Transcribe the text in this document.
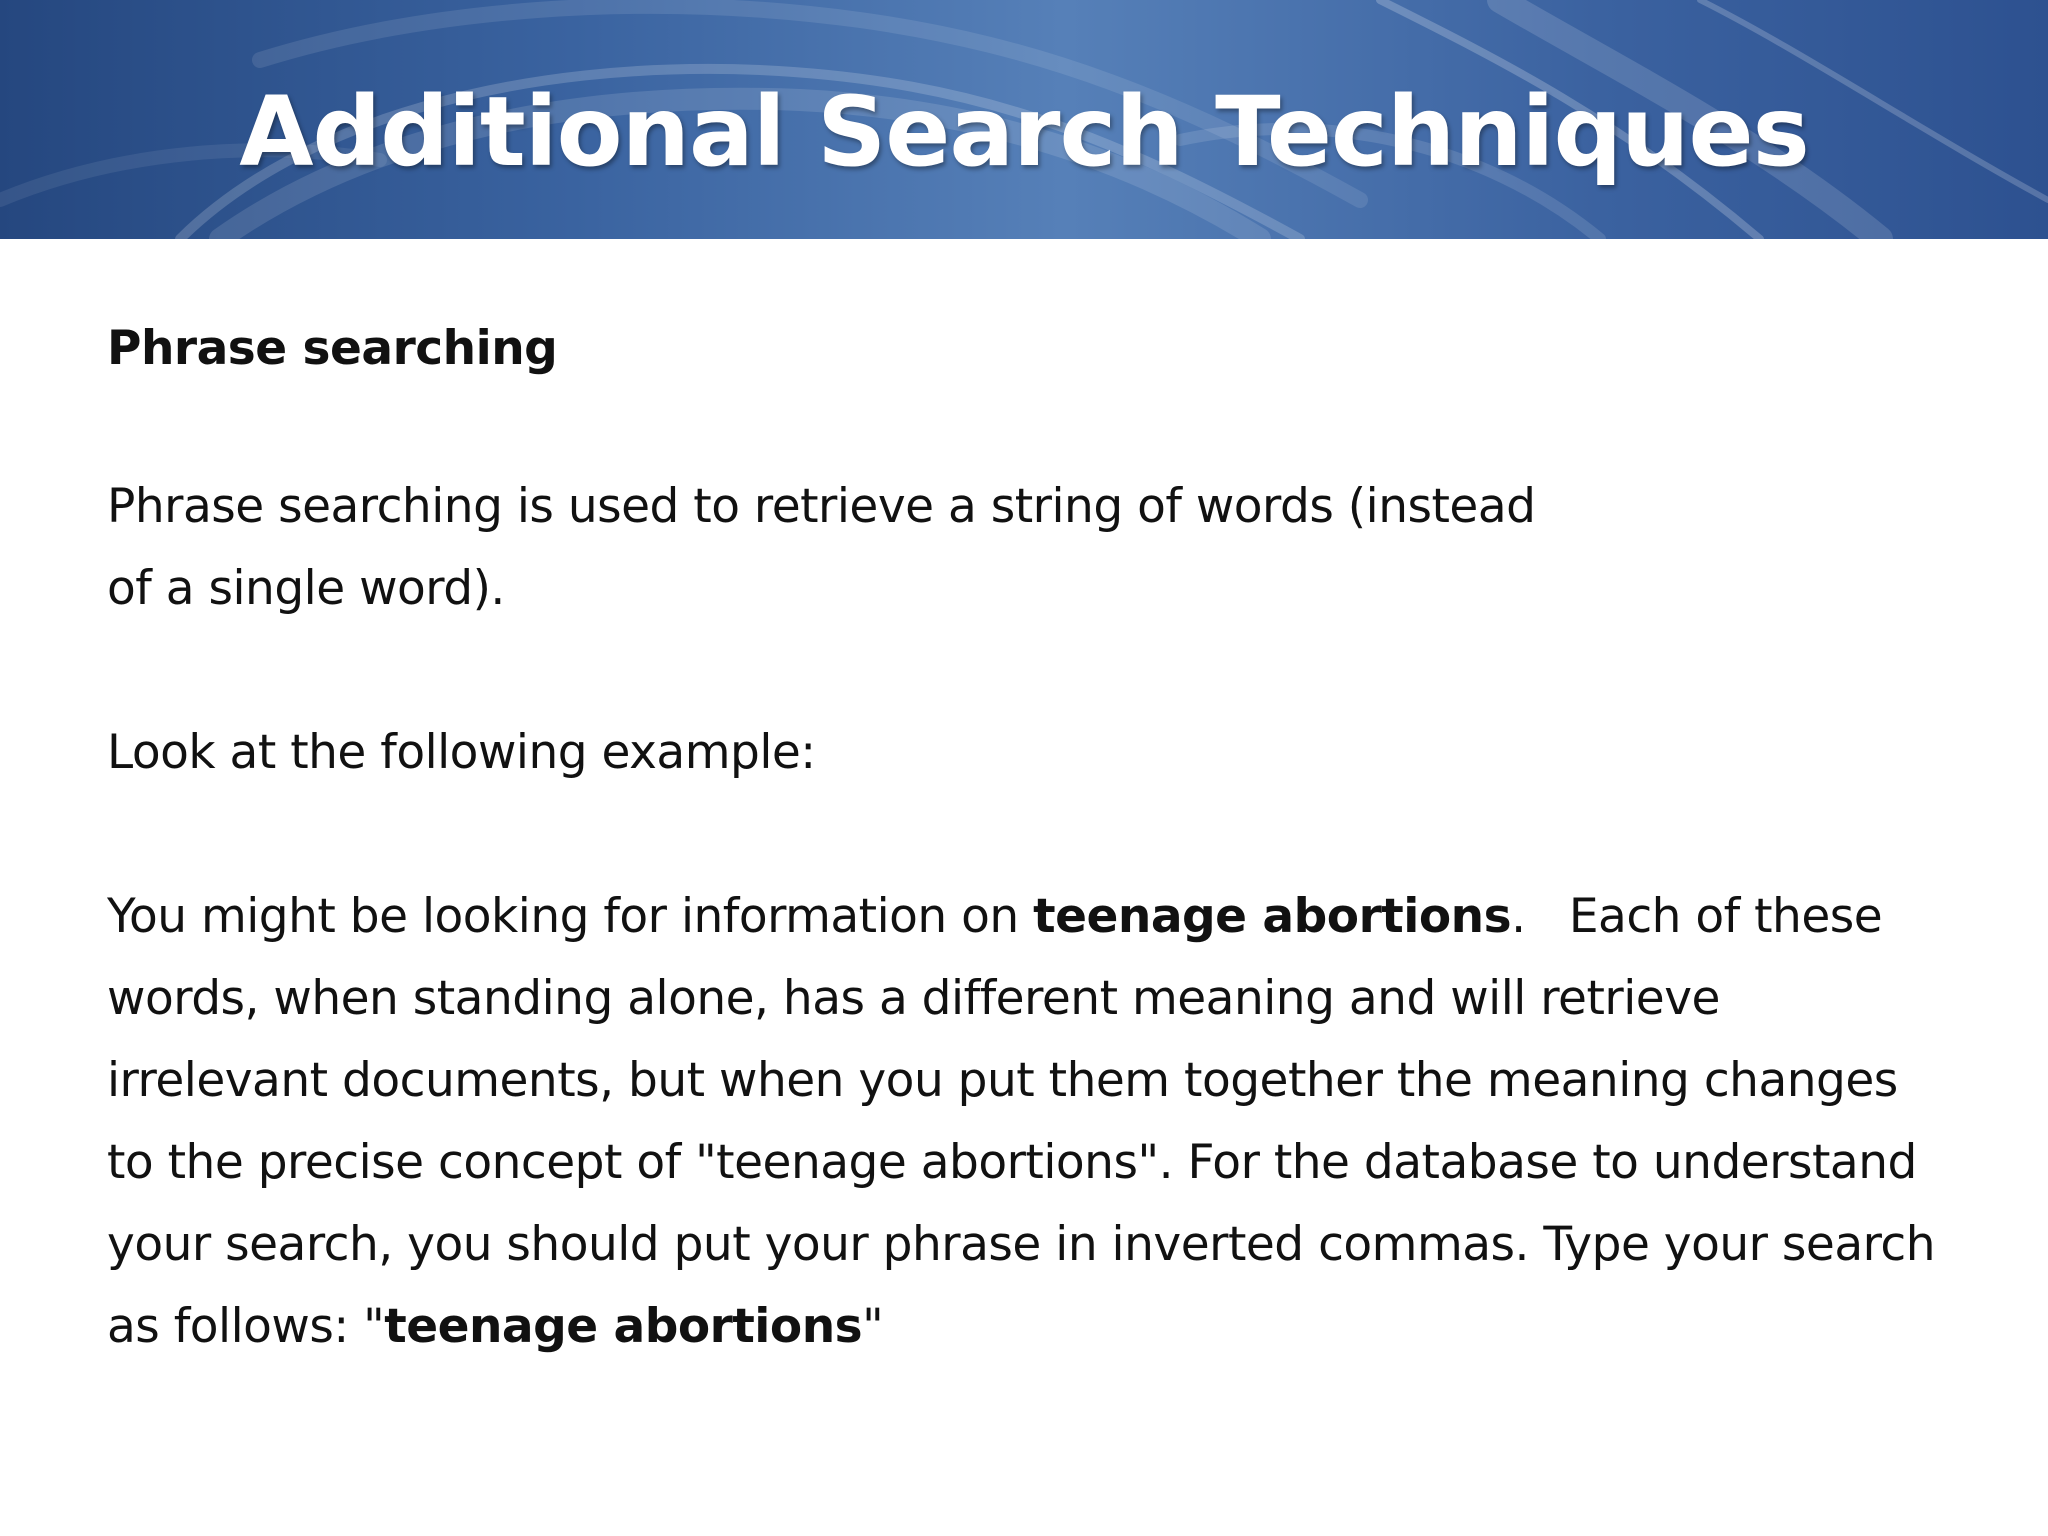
Additional Search Techniques

Phrase searching

Phrase searching is used to retrieve a string of words (instead

of a single word).

Look at the following example:

You might be looking for information on teenage abortions.   Each of these

words, when standing alone, has a different meaning and will retrieve

irrelevant documents, but when you put them together the meaning changes

to the precise concept of "teenage abortions". For the database to understand

your search, you should put your phrase in inverted commas. Type your search

as follows: "teenage abortions"
